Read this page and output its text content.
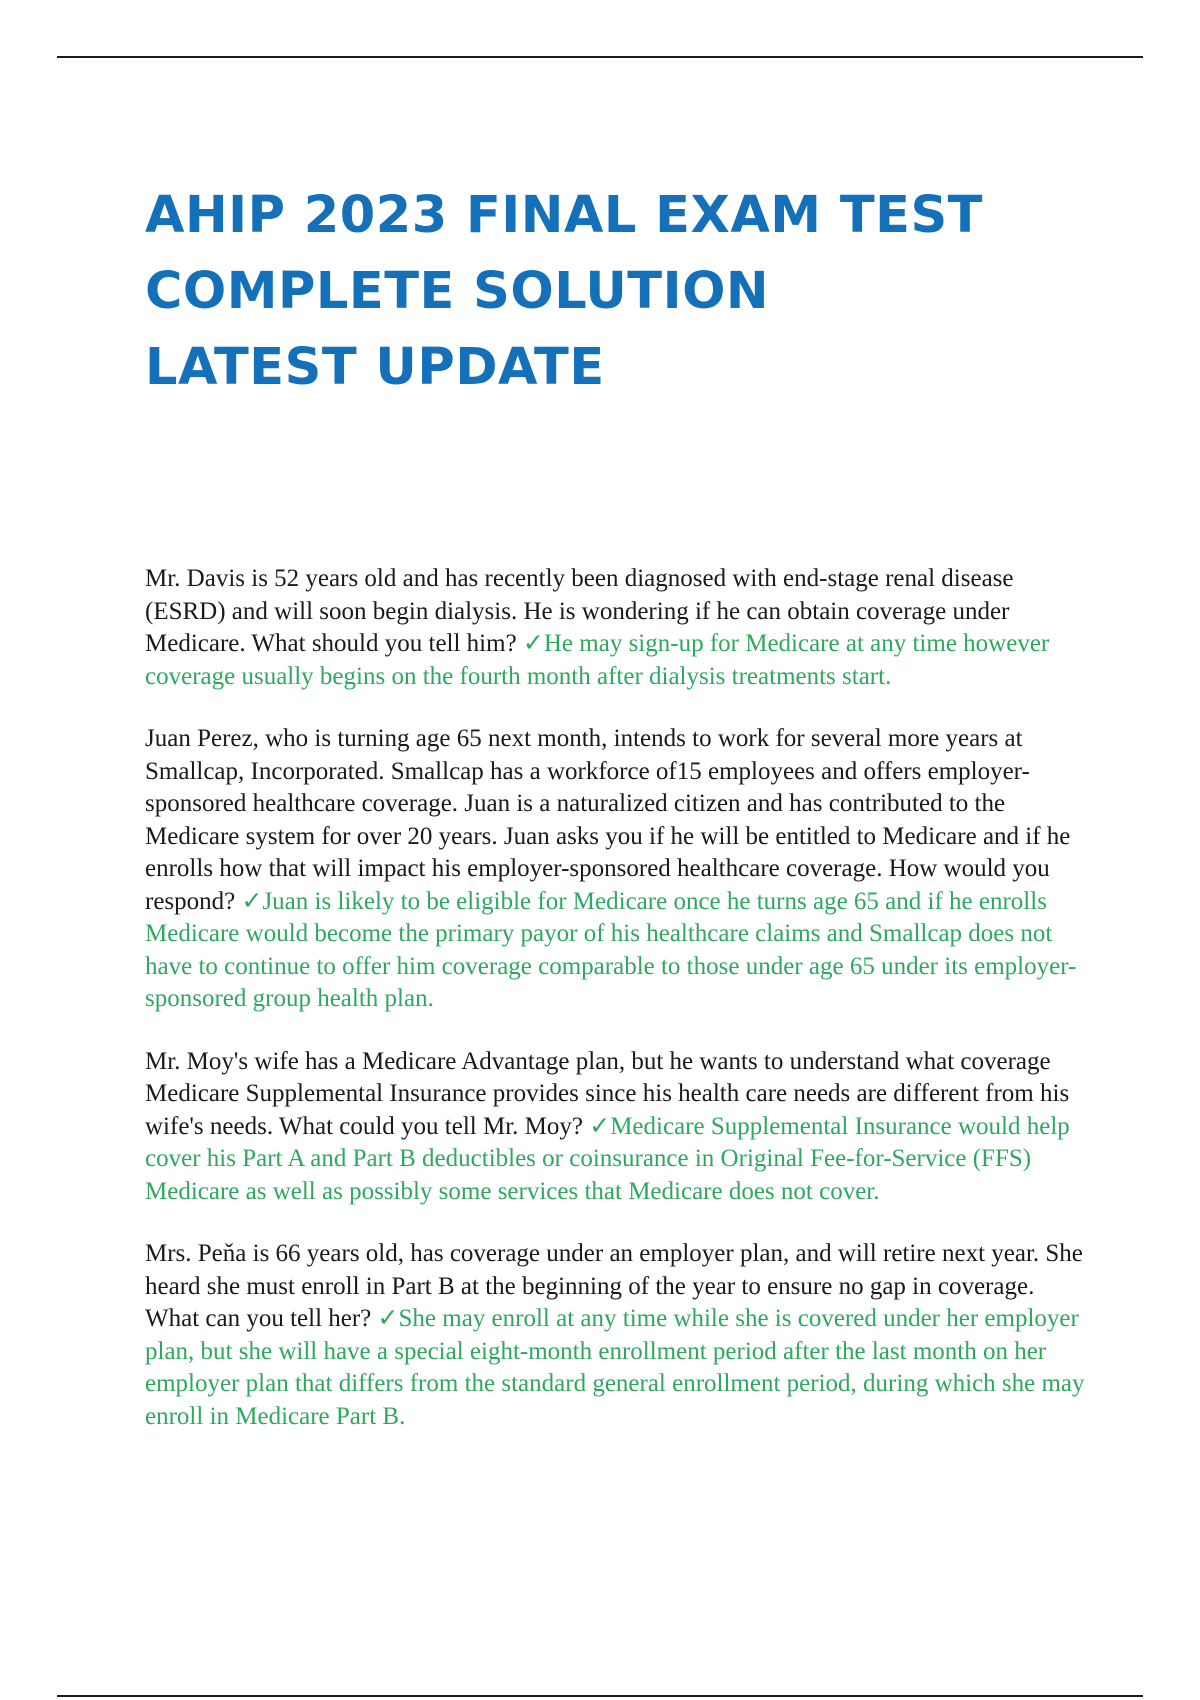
AHIP 2023 FINAL EXAM TEST
COMPLETE SOLUTION
LATEST UPDATE

Mr. Davis is 52 years old and has recently been diagnosed with end-stage renal disease (ESRD) and will soon begin dialysis. He is wondering if he can obtain coverage under Medicare. What should you tell him? ✓He may sign-up for Medicare at any time however coverage usually begins on the fourth month after dialysis treatments start.

Juan Perez, who is turning age 65 next month, intends to work for several more years at Smallcap, Incorporated. Smallcap has a workforce of15 employees and offers employer-sponsored healthcare coverage. Juan is a naturalized citizen and has contributed to the Medicare system for over 20 years. Juan asks you if he will be entitled to Medicare and if he enrolls how that will impact his employer-sponsored healthcare coverage. How would you respond? ✓Juan is likely to be eligible for Medicare once he turns age 65 and if he enrolls Medicare would become the primary payor of his healthcare claims and Smallcap does not have to continue to offer him coverage comparable to those under age 65 under its employer-sponsored group health plan.

Mr. Moy's wife has a Medicare Advantage plan, but he wants to understand what coverage Medicare Supplemental Insurance provides since his health care needs are different from his wife's needs. What could you tell Mr. Moy? ✓Medicare Supplemental Insurance would help cover his Part A and Part B deductibles or coinsurance in Original Fee-for-Service (FFS) Medicare as well as possibly some services that Medicare does not cover.

Mrs. Peňa is 66 years old, has coverage under an employer plan, and will retire next year. She heard she must enroll in Part B at the beginning of the year to ensure no gap in coverage. What can you tell her? ✓She may enroll at any time while she is covered under her employer plan, but she will have a special eight-month enrollment period after the last month on her employer plan that differs from the standard general enrollment period, during which she may enroll in Medicare Part B.
